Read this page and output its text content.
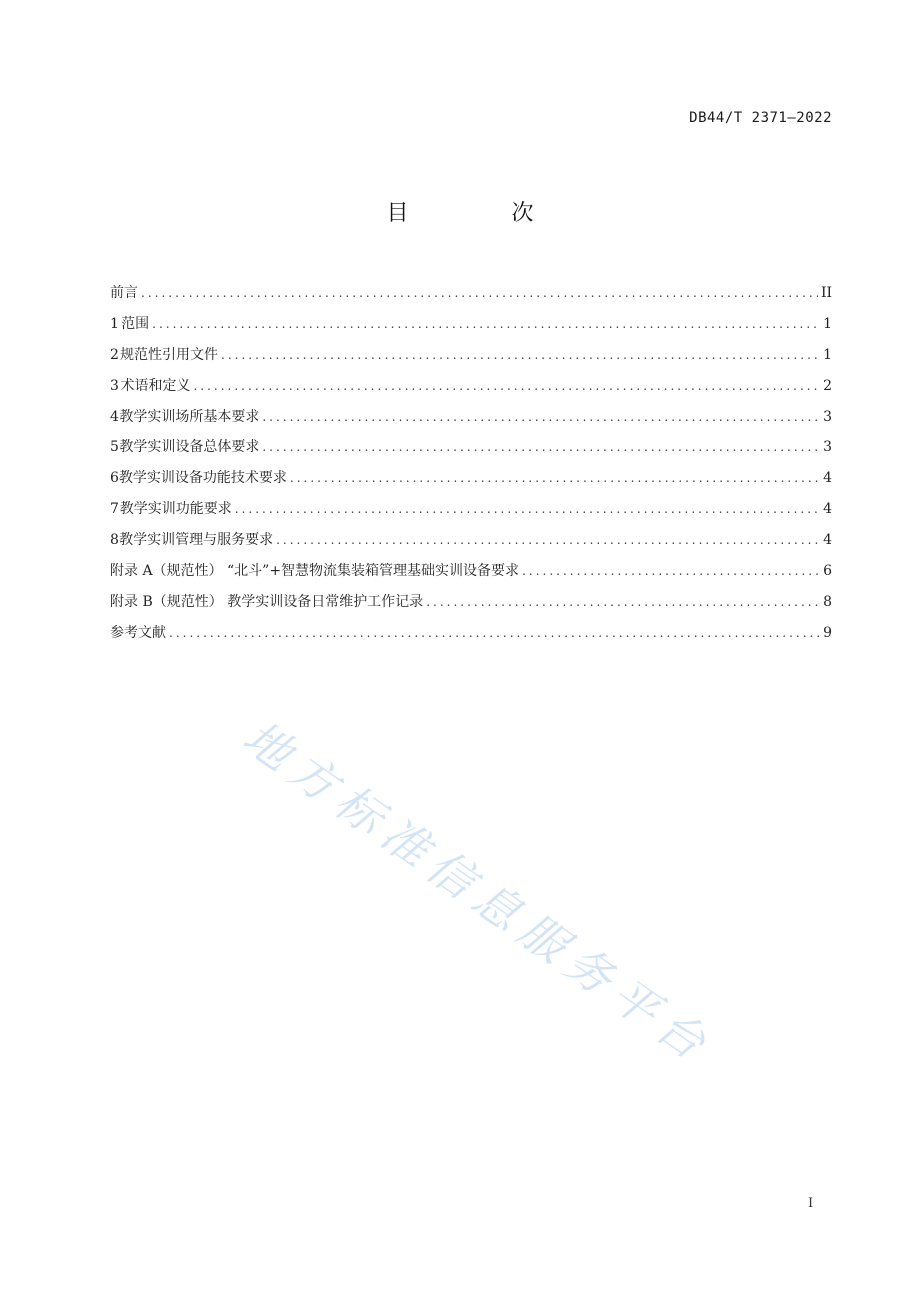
DB44/T 2371—2022
目 次
前言 .....	II
1 范围 .....	1
2 规范性引用文件 .....	1
3 术语和定义 .....	2
4 教学实训场所基本要求 .....	3
5 教学实训设备总体要求 .....	3
6 教学实训设备功能技术要求 .....	4
7 教学实训功能要求 .....	4
8 教学实训管理与服务要求 .....	4
附录 A（规范性） “北斗”+智慧物流集装箱管理基础实训设备要求 .....	6
附录 B（规范性） 教学实训设备日常维护工作记录 .....	8
参考文献 .....	9
地方标准信息服务平台
I
